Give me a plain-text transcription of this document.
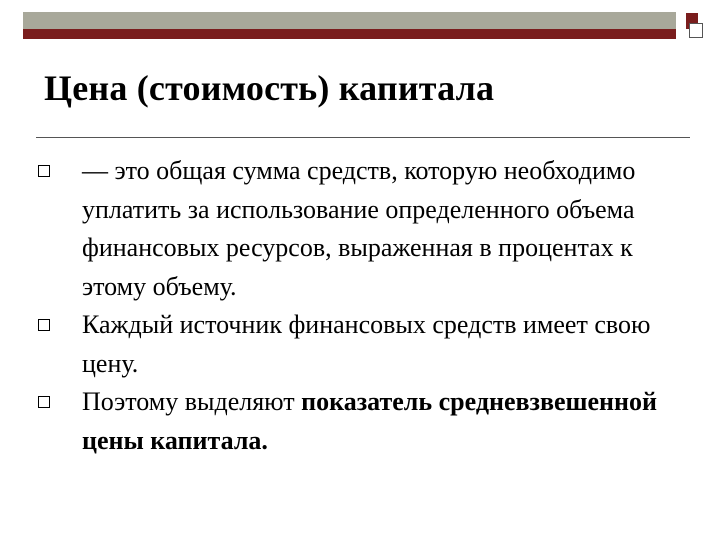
Цена (стоимость) капитала
— это общая сумма средств, которую необходимо уплатить за использование определенного объема финансовых ресурсов, выраженная в процентах к этому объему.
Каждый источник финансовых средств имеет свою цену.
Поэтому выделяют показатель средневзвешенной цены капитала.
